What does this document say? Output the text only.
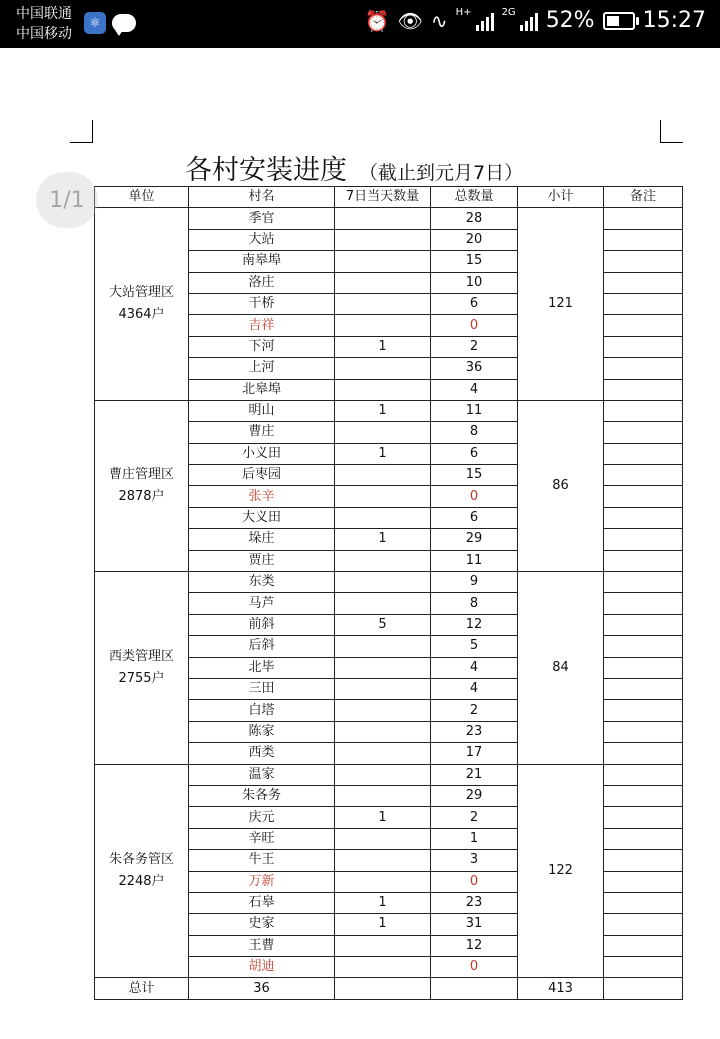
中国联通
中国移动
⚛	⏰ 👁 ∿ H+	2G 52% 15:27
各村安装进度 （截止到元月7日）
单位	村名	7日当天数量	总数量	小计	备注

大站管理区
4364户	季官		28	121	
	大站		20		
	南皋埠		15		
	洛庄		10		
	干桥		6		
	吉祥		0		
	下河	1	2		
	上河		36		
	北皋埠		4		

曹庄管理区
2878户	明山	1	11	86	
	曹庄		8		
	小义田	1	6		
	后枣园		15		
	张辛		0		
	大义田		6		
	垛庄	1	29		
	贾庄		11		

西类管理区
2755户	东类		9	84	
	马芦		8		
	前斜	5	12		
	后斜		5		
	北毕		4		
	三田		4		
	白塔		2		
	陈家		23		
	西类		17		

朱各务管区
2248户	温家		21	122	
	朱各务		29		
	庆元	1	2		
	辛旺		1		
	牛王		3		
	万新		0		
	石皋	1	23		
	史家	1	31		
	王曹		12		
	胡迪		0		
总计	36			413	
1/1
